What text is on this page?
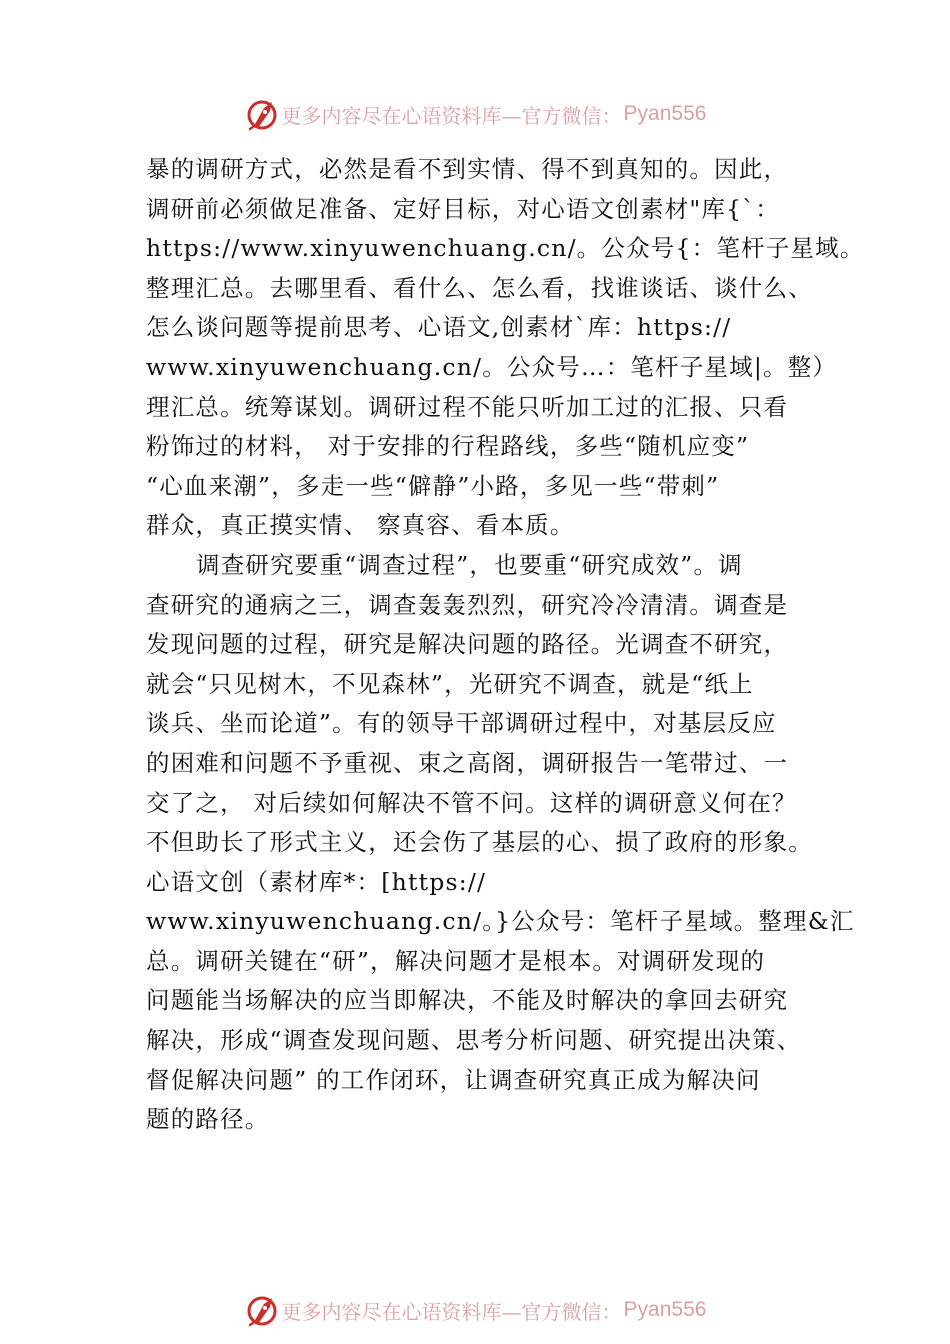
更多内容尽在心语资料库—官方微信： Pyan556
暴的调研方式，必然是看不到实情、得不到真知的。因此，
调研前必须做足准备、定好目标，对心语文创素材"库{`：
https://www.xinyuwenchuang.cn/。公众号{：笔杆子星域。
整理汇总。去哪里看、看什么、怎么看，找谁谈话、谈什么、
怎么谈问题等提前思考、心语文,创素材`库：https://
www.xinyuwenchuang.cn/。公众号…：笔杆子星域|。整）
理汇总。统筹谋划。调研过程不能只听加工过的汇报、只看
粉饰过的材料， 对于安排的行程路线，多些“随机应变”
“心血来潮”，多走一些“僻静”小路，多见一些“带刺”
群众，真正摸实情、 察真容、看本质。
调查研究要重“调查过程”，也要重“研究成效”。调
查研究的通病之三，调查轰轰烈烈，研究冷冷清清。调查是
发现问题的过程，研究是解决问题的路径。光调查不研究，
就会“只见树木，不见森林”，光研究不调查，就是“纸上
谈兵、坐而论道”。有的领导干部调研过程中，对基层反应
的困难和问题不予重视、束之高阁，调研报告一笔带过、一
交了之， 对后续如何解决不管不问。这样的调研意义何在？
不但助长了形式主义，还会伤了基层的心、损了政府的形象。
心语文创（素材库*：[https://
www.xinyuwenchuang.cn/。}公众号：笔杆子星域。整理&汇
总。调研关键在“研”，解决问题才是根本。对调研发现的
问题能当场解决的应当即解决，不能及时解决的拿回去研究
解决，形成“调查发现问题、思考分析问题、研究提出决策、
督促解决问题” 的工作闭环，让调查研究真正成为解决问
题的路径。
更多内容尽在心语资料库—官方微信： Pyan556
